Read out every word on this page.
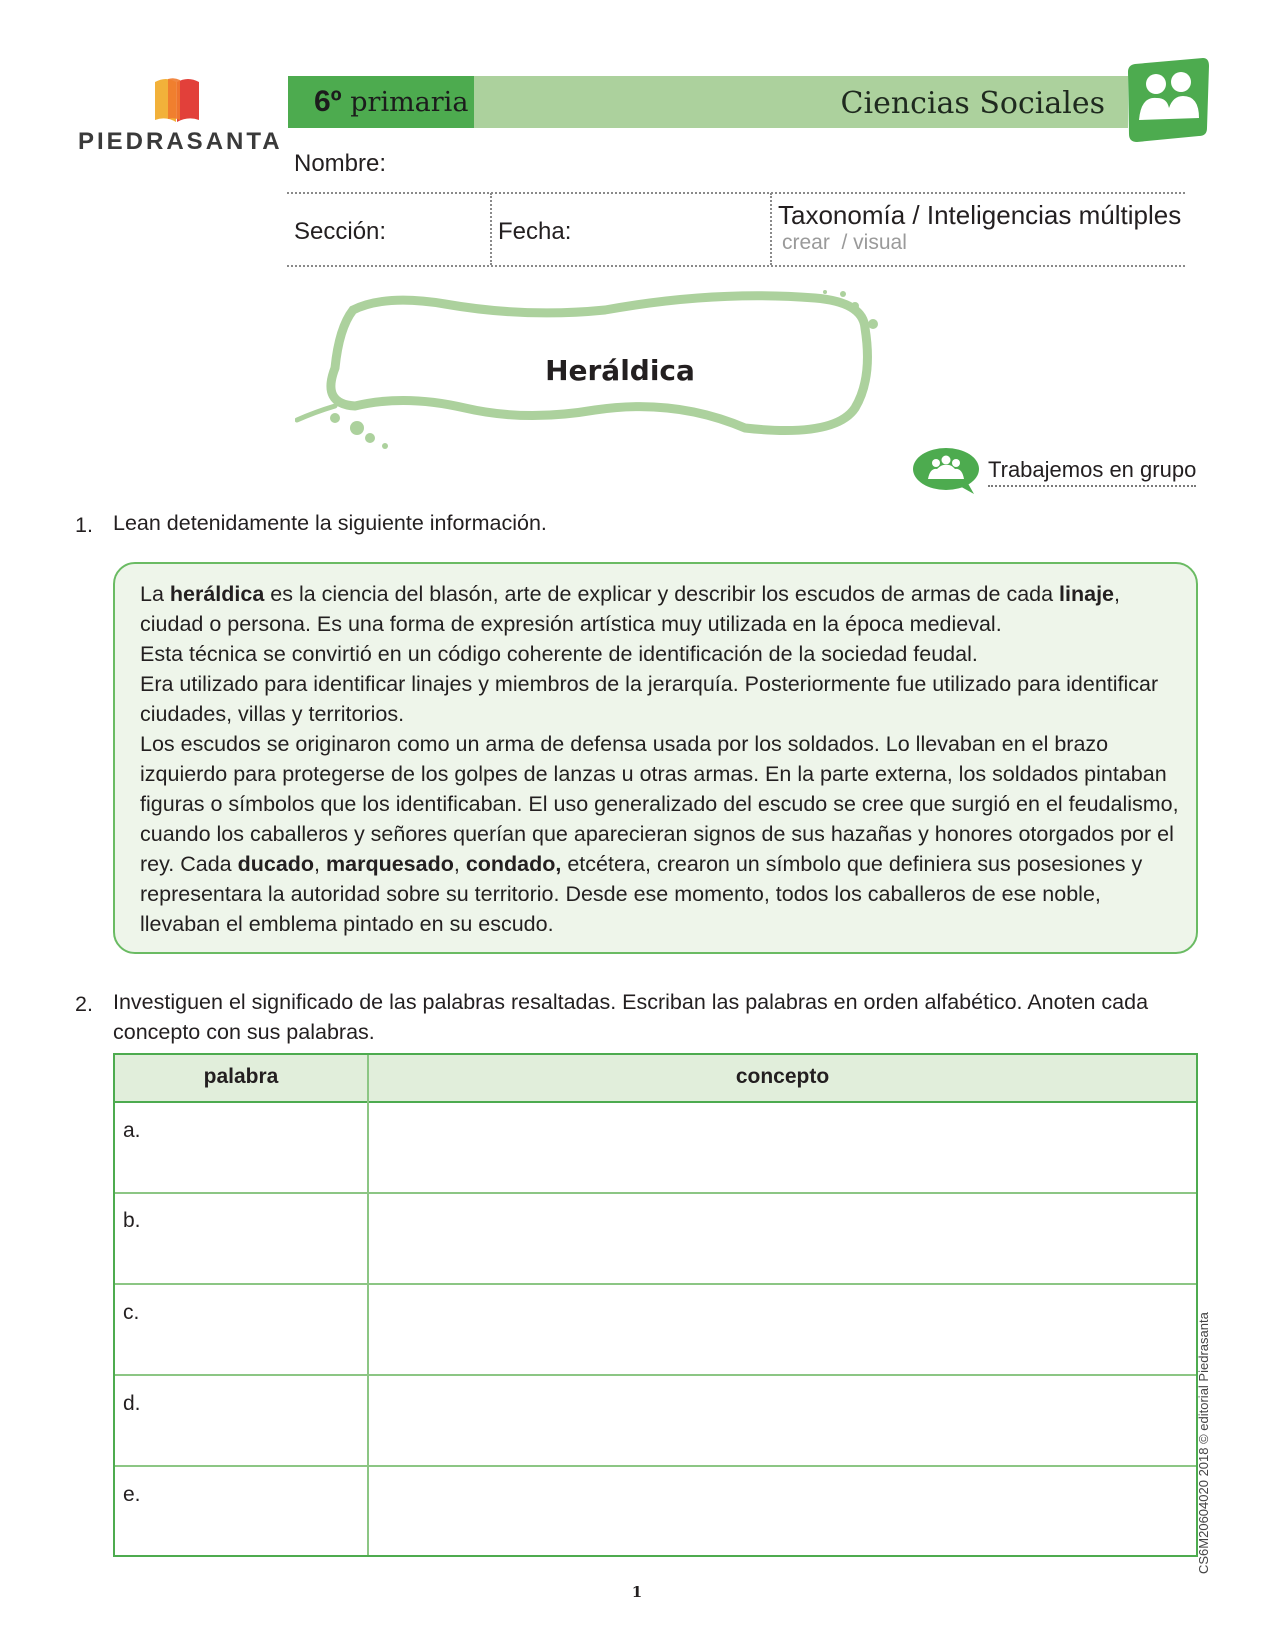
PIEDRASANTA
6º primaria	Ciencias Sociales
Nombre:
Sección:	Fecha:
Taxonomía / Inteligencias múltiples
crear  / visual
Heráldica
Trabajemos en grupo
1. Lean detenidamente la siguiente información.

La heráldica es la ciencia del blasón, arte de explicar y describir los escudos de armas de cada linaje, ciudad o persona. Es una forma de expresión artística muy utilizada en la época medieval.

Esta técnica se convirtió en un código coherente de identificación de la sociedad feudal.

Era utilizado para identificar linajes y miembros de la jerarquía. Posteriormente fue utilizado para identificar ciudades, villas y territorios.

Los escudos se originaron como un arma de defensa usada por los soldados. Lo llevaban en el brazo izquierdo para protegerse de los golpes de lanzas u otras armas. En la parte externa, los soldados pintaban figuras o símbolos que los identificaban. El uso generalizado del escudo se cree que surgió en el feudalismo, cuando los caballeros y señores querían que aparecieran signos de sus hazañas y honores otorgados por el rey. Cada ducado, marquesado, condado, etcétera, crearon un símbolo que definiera sus posesiones y representara la autoridad sobre su territorio. Desde ese momento, todos los caballeros de ese noble, llevaban el emblema pintado en su escudo.

2. Investiguen el significado de las palabras resaltadas. Escriban las palabras en orden alfabético. Anoten cada concepto con sus palabras.
palabra	concepto
a.
b.
c.
d.
e.	CS6M20604020 2018 © editorial Piedrasanta
1
